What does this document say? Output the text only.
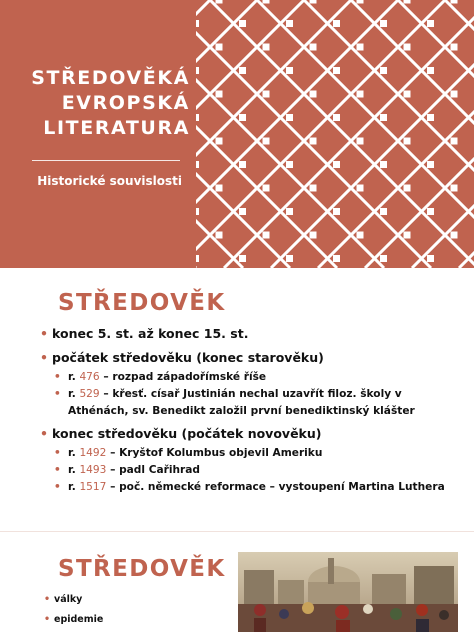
STŘEDOVĚKÁ
EVROPSKÁ
LITERATURA
Historické souvislosti
STŘEDOVĚK
• konec 5. st. až konec 15. st.
• počátek středověku (konec starověku)
• r. 476 – rozpad západořímské říše
• r. 529 – křesť. císař Justinián nechal uzavřít filoz. školy v Athénách, sv. Benedikt založil první benediktinský klášter
• konec středověku (počátek novověku)
• r. 1492 – Kryštof Kolumbus objevil Ameriku
• r. 1493 – padl Cařihrad
• r. 1517 – poč. německé reformace – vystoupení Martina Luthera
STŘEDOVĚK
• války
• epidemie
